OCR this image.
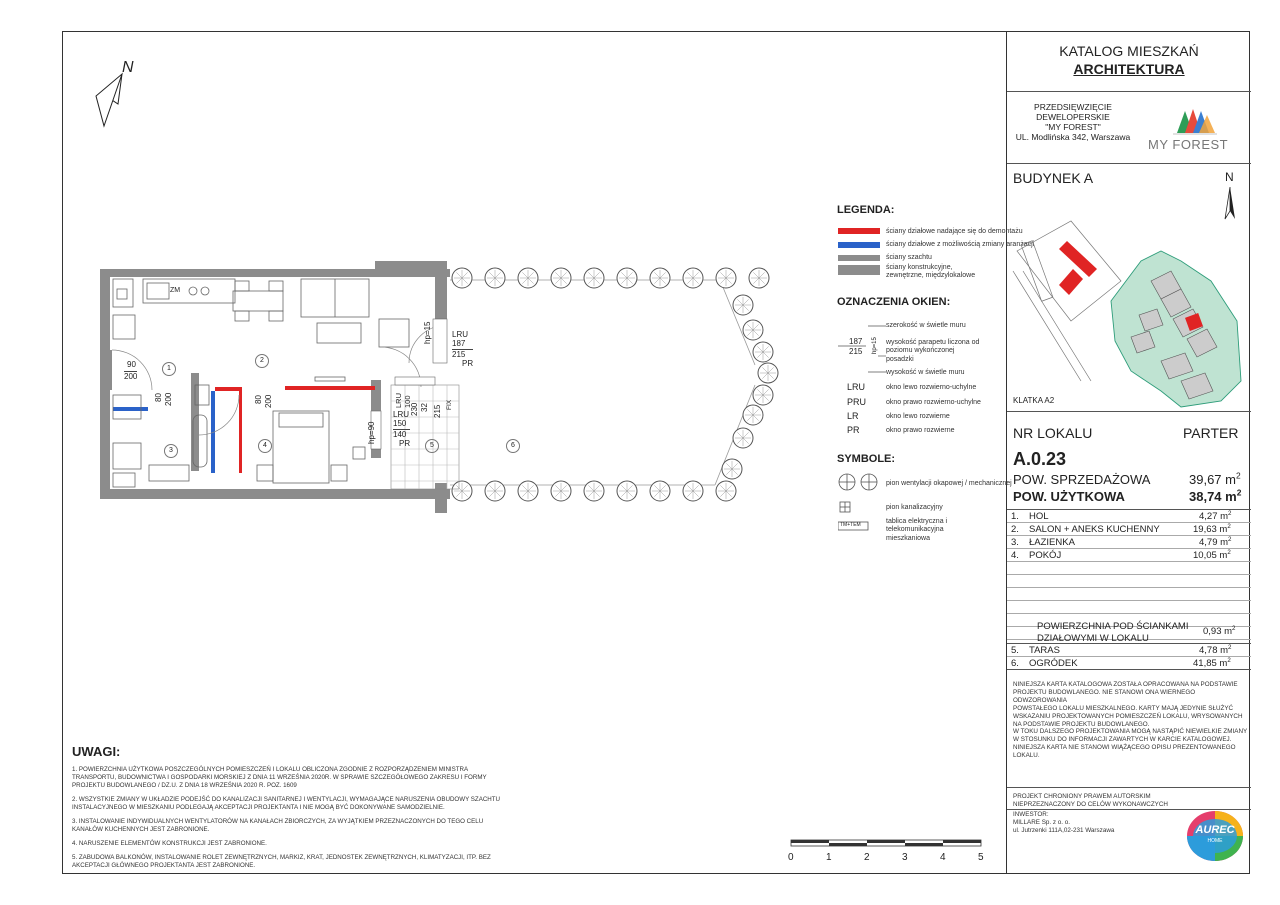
N
ZM
1
2
3
4	5	6
90
200
80 200	80 200
LRU
187
215
PR
hp=15
LRU 100
230 32 215 FIX
LRU
150
140
PR
hp=90
LEGENDA:
ściany działowe nadające się do demontażu
ściany działowe z możliwością zmiany aranżacji
ściany szachtu
ściany konstrukcyjne, zewnętrzne, międzylokalowe
OZNACZENIA OKIEN:
187
215 hp=15
szerokość w świetle muru
wysokość parapetu liczona od poziomu wykończonej posadzki
wysokość w świetle muru
LRU	okno lewo rozwierno-uchylne
PRU	okno prawo rozwierno-uchylne
LR	okno lewo rozwierne
PR	okno prawo rozwierne
SYMBOLE:
TM+TEM
pion wentylacji okapowej / mechanicznej
pion kanalizacyjny
tablica elektryczna i telekomunikacyjna mieszkaniowa
UWAGI:
1. POWIERZCHNIA UŻYTKOWA POSZCZEGÓLNYCH POMIESZCZEŃ I LOKALU OBLICZONA ZGODNIE Z ROZPORZĄDZENIEM MINISTRA TRANSPORTU, BUDOWNICTWA I GOSPODARKI MORSKIEJ Z DNIA 11 WRZEŚNIA 2020R. W SPRAWIE SZCZEGÓŁOWEGO ZAKRESU I FORMY PROJEKTU BUDOWLANEGO / DZ.U. Z DNIA 18 WRZEŚNIA 2020 R. POZ. 1609
2. WSZYSTKIE ZMIANY W UKŁADZIE PODEJŚĆ DO KANALIZACJI SANITARNEJ I WENTYLACJI, WYMAGAJĄCE NARUSZENIA OBUDOWY SZACHTU INSTALACYJNEGO W MIESZKANIU PODLEGAJĄ AKCEPTACJI PROJEKTANTA I NIE MOGĄ BYĆ DOKONYWANE SAMODZIELNIE.
3. INSTALOWANIE INDYWIDUALNYCH WENTYLATORÓW NA KANAŁACH ZBIORCZYCH, ZA WYJĄTKIEM PRZEZNACZONYCH DO TEGO CELU KANAŁÓW KUCHENNYCH JEST ZABRONIONE.
4. NARUSZENIE ELEMENTÓW KONSTRUKCJI JEST ZABRONIONE.
5. ZABUDOWA BALKONÓW, INSTALOWANIE ROLET ZEWNĘTRZNYCH, MARKIZ, KRAT, JEDNOSTEK ZEWNĘTRZNYCH, KLIMATYZACJI, ITP. BEZ AKCEPTACJI GŁÓWNEGO PROJEKTANTA JEST ZABRONIONE.
0	1	2	3	4	5
KATALOG MIESZKAŃ
ARCHITEKTURA
PRZEDSIĘWZIĘCIE
DEWELOPERSKIE
"MY FOREST"
UL. Modlińska 342, Warszawa	MY FOREST
BUDYNEK A	N
KLATKA A2
NR LOKALU	PARTER
A.0.23
POW. SPRZEDAŻOWA	39,67 $m^2$
POW. UŻYTKOWA	38,74 $m^2$
1. HOL	4,27 $m^2$
2. SALON + ANEKS KUCHENNY	19,63 $m^2$
3. ŁAZIENKA	4,79 $m^2$
4. POKÓJ	10,05 $m^2$
POWIERZCHNIA POD ŚCIANKAMI
DZIAŁOWYMI W LOKALU
0,93 $m^2$
5. TARAS	4,78 $m^2$
6. OGRÓDEK	41,85 $m^2$
NINIEJSZA KARTA KATALOGOWA ZOSTAŁA OPRACOWANA NA PODSTAWIE
PROJEKTU BUDOWLANEGO. NIE STANOWI ONA WIERNEGO ODWZOROWANIA
POWSTAŁEGO LOKALU MIESZKALNEGO. KARTY MAJĄ JEDYNIE SŁUŻYĆ
WSKAZANIU PROJEKTOWANYCH POMIESZCZEŃ LOKALU, WRYSOWANYCH
NA PODSTAWIE PROJEKTU BUDOWLANEGO.
W TOKU DALSZEGO PROJEKTOWANIA MOGĄ NASTĄPIĆ NIEWIELKIE ZMIANY
W STOSUNKU DO INFORMACJI ZAWARTYCH W KARCIE KATALOGOWEJ.
NINIEJSZA KARTA NIE STANOWI WIĄŻĄCEGO OPISU PREZENTOWANEGO
LOKALU.
PROJEKT CHRONIONY PRAWEM AUTORSKIM
NIEPRZEZNACZONY DO CELÓW WYKONAWCZYCH
INWESTOR:
MILLARE Sp. z o. o.
ul. Jutrzenki 111A,02-231 Warszawa	AUREC
HOME
